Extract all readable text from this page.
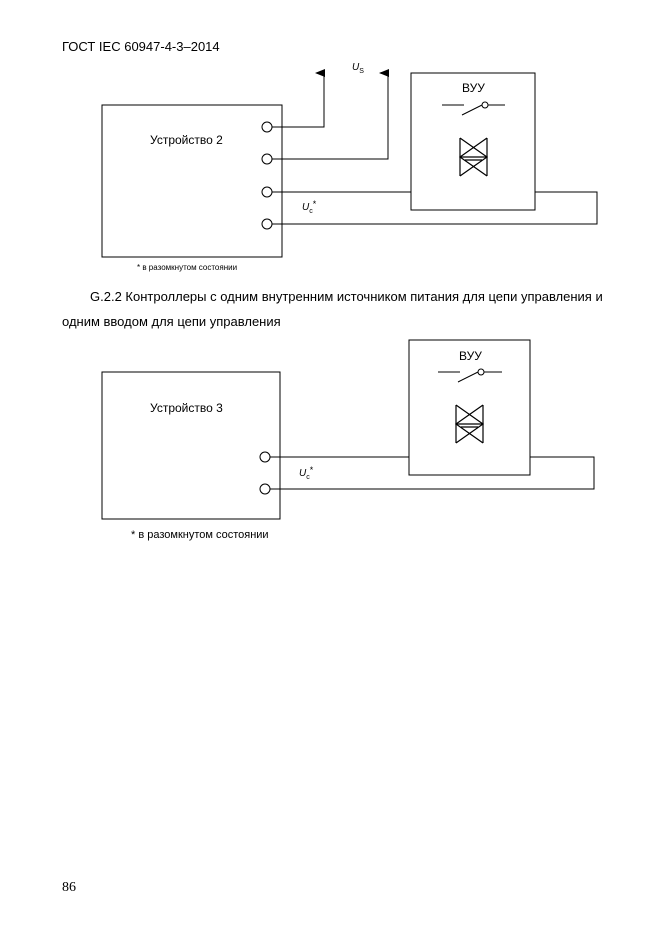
ГОСТ IEC 60947-4-3–2014
Устройство 2
$U_S$
ВУУ
$U_c*$
* в разомкнутом состоянии
G.2.2 Контроллеры с одним внутренним источником питания для цепи управления и
одним вводом для цепи управления
Устройство 3
ВУУ
$U_c*$
* в разомкнутом состоянии
86
